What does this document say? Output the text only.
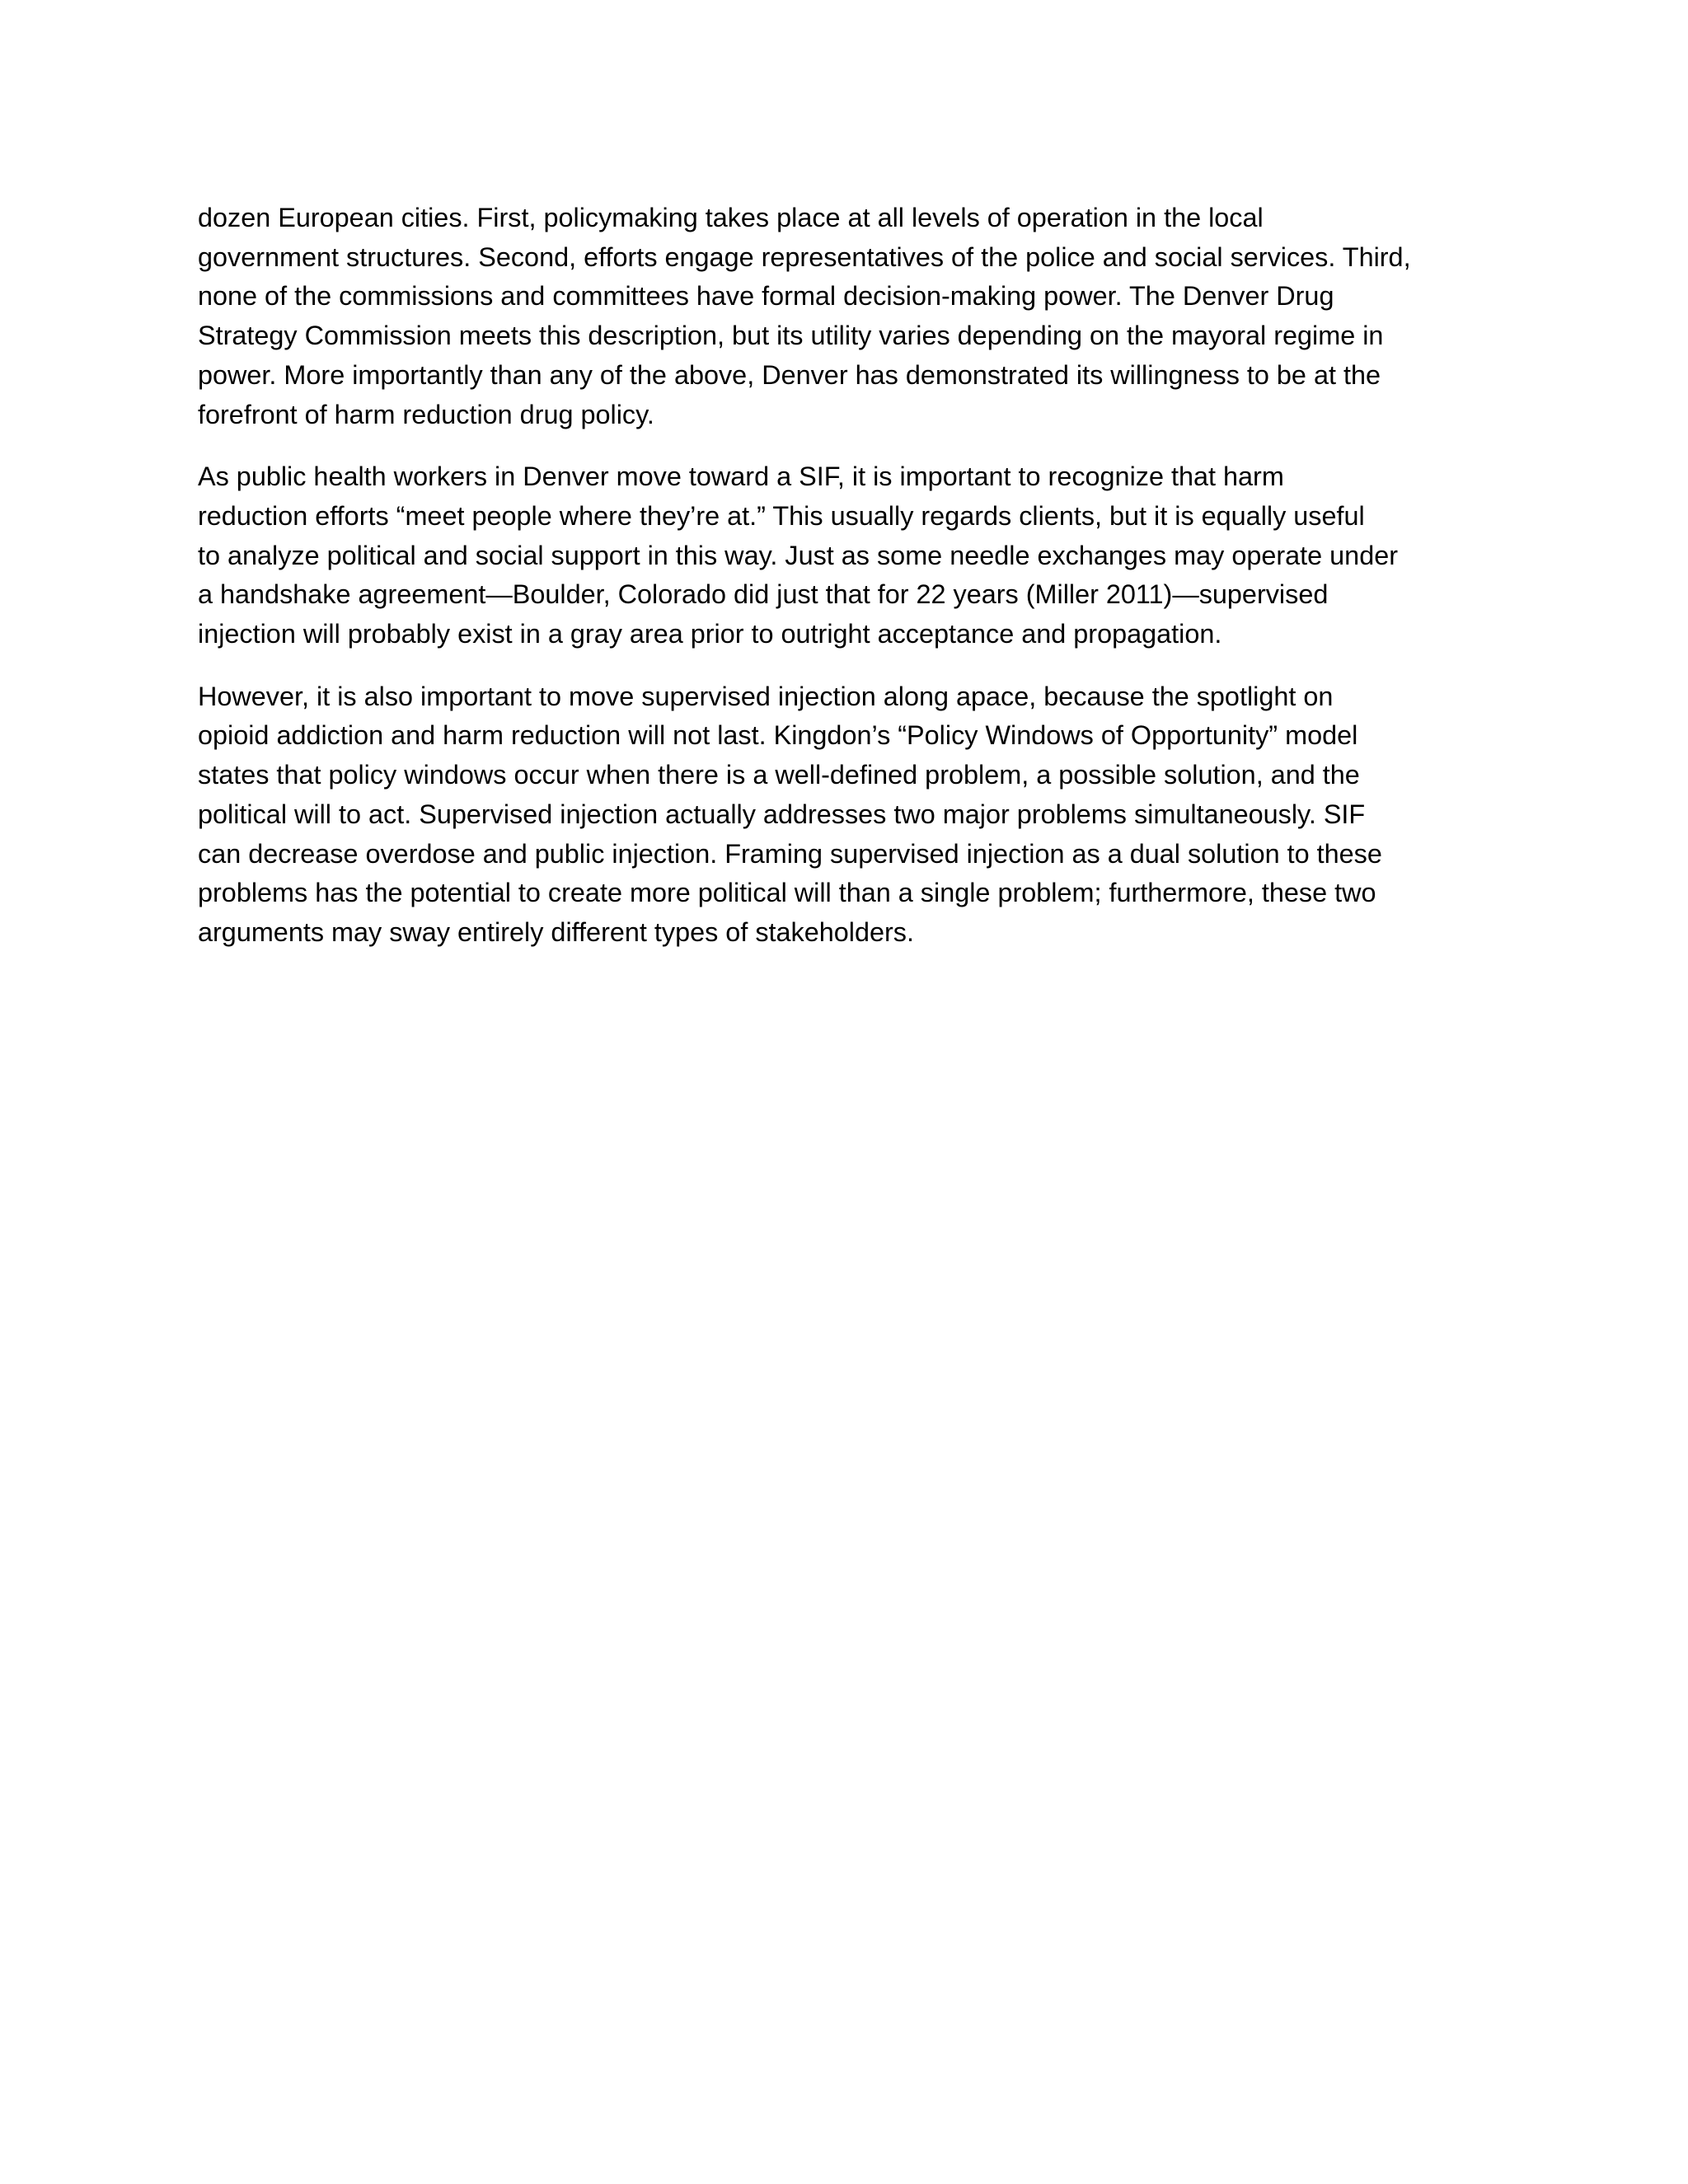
dozen European cities. First, policymaking takes place at all levels of operation in the local
government structures. Second, efforts engage representatives of the police and social services. Third,
none of the commissions and committees have formal decision-making power. The Denver Drug
Strategy Commission meets this description, but its utility varies depending on the mayoral regime in
power. More importantly than any of the above, Denver has demonstrated its willingness to be at the
forefront of harm reduction drug policy.

As public health workers in Denver move toward a SIF, it is important to recognize that harm
reduction efforts “meet people where they’re at.” This usually regards clients, but it is equally useful
to analyze political and social support in this way. Just as some needle exchanges may operate under
a handshake agreement—Boulder, Colorado did just that for 22 years (Miller 2011)—supervised
injection will probably exist in a gray area prior to outright acceptance and propagation.

However, it is also important to move supervised injection along apace, because the spotlight on
opioid addiction and harm reduction will not last. Kingdon’s “Policy Windows of Opportunity” model
states that policy windows occur when there is a well-defined problem, a possible solution, and the
political will to act. Supervised injection actually addresses two major problems simultaneously. SIF
can decrease overdose and public injection. Framing supervised injection as a dual solution to these
problems has the potential to create more political will than a single problem; furthermore, these two
arguments may sway entirely different types of stakeholders.
